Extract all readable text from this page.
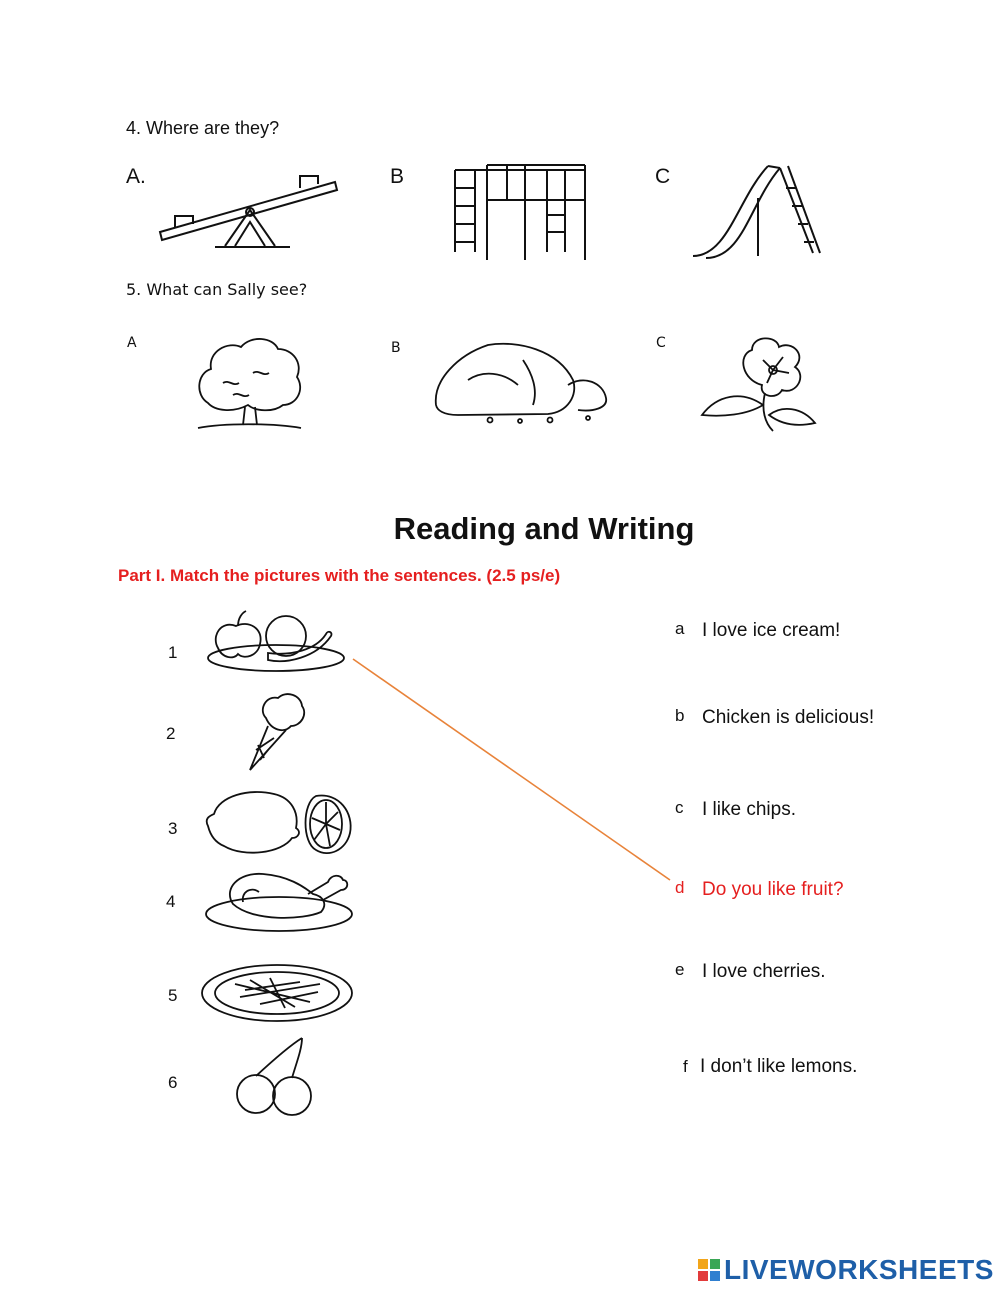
4. Where are they?
A.	B	C
5. What can Sally see?
A	B	C
Reading and Writing
Part I. Match the pictures with the sentences. (2.5 ps/e)
1
2
3
4
5
6
a I love ice cream!
b Chicken is delicious!
c I like chips.
d Do you like fruit?
e I love cherries.
f I don’t like lemons.
LIVEWORKSHEETS
